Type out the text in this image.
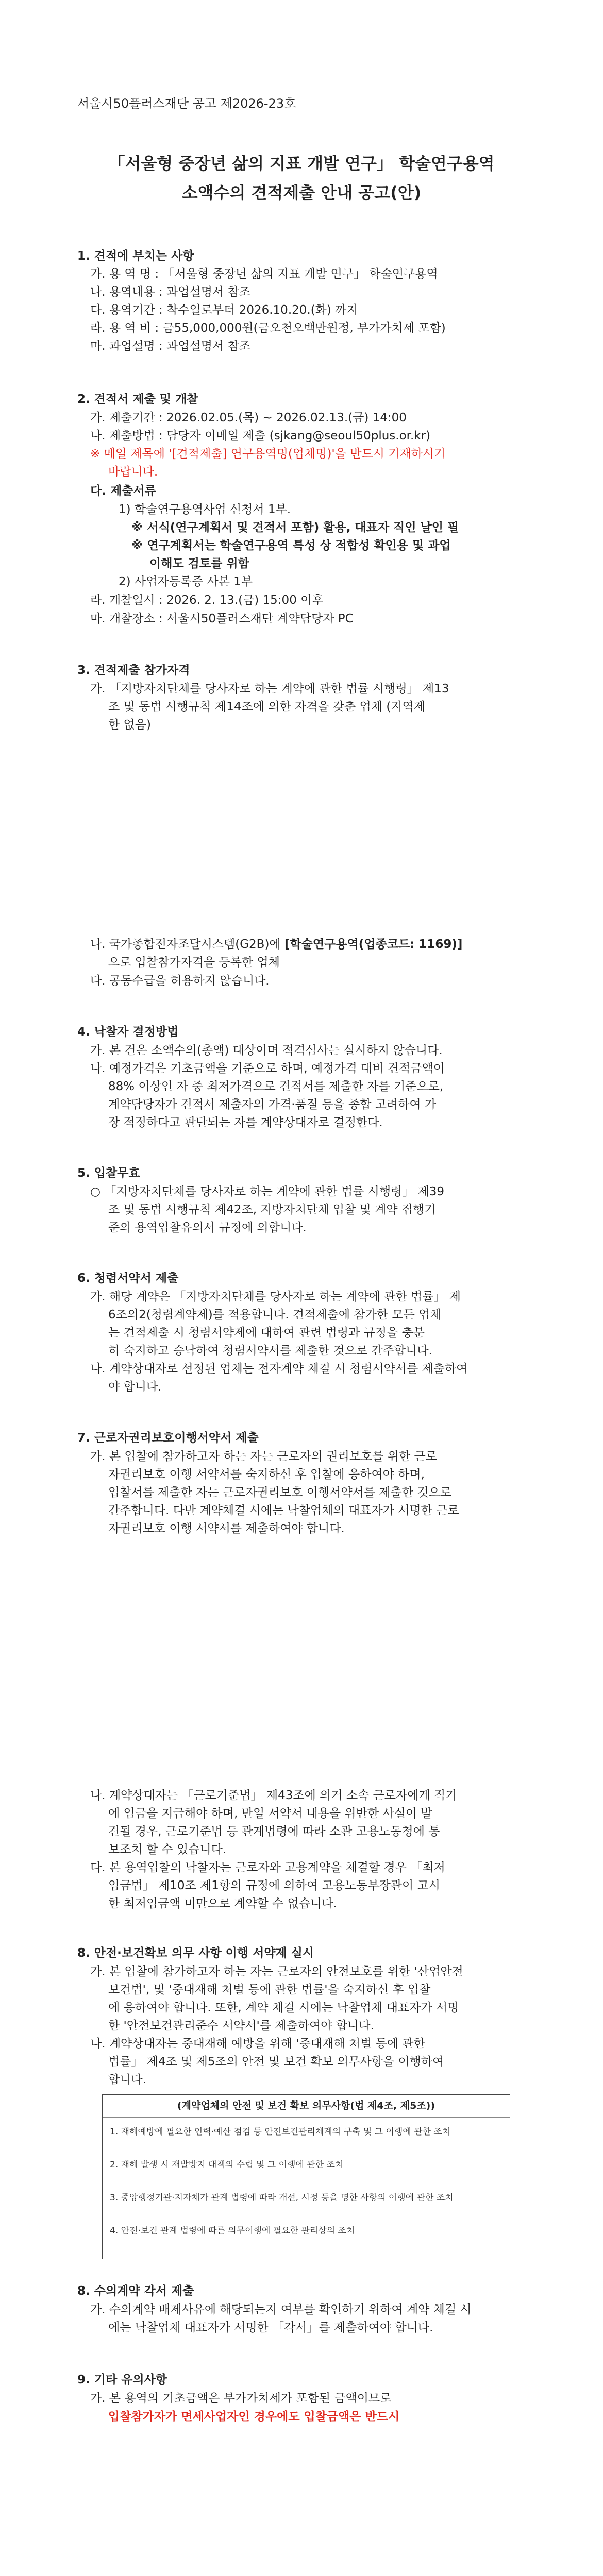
서울시50플러스재단 공고 제2026-23호
「서울형 중장년 삶의 지표 개발 연구」 학술연구용역
소액수의 견적제출 안내 공고(안)
1. 견적에 부치는 사항
가. 용 역 명 : 「서울형 중장년 삶의 지표 개발 연구」 학술연구용역
나. 용역내용 : 과업설명서 참조
다. 용역기간 : 착수일로부터 2026.10.20.(화) 까지
라. 용 역 비 : 금55,000,000원(금오천오백만원정, 부가가치세 포함)
마. 과업설명 : 과업설명서 참조
2. 견적서 제출 및 개찰
가. 제출기간 : 2026.02.05.(목) ~ 2026.02.13.(금) 14:00
나. 제출방법 : 담당자 이메일 제출 (sjkang@seoul50plus.or.kr)
※ 메일 제목에 '[견적제출] 연구용역명(업체명)'을 반드시 기재하시기
바랍니다.
다. 제출서류
1) 학술연구용역사업 신청서 1부.
※ 서식(연구계획서 및 견적서 포함) 활용, 대표자 직인 날인 필
※ 연구계획서는 학술연구용역 특성 상 적합성 확인용 및 과업
이해도 검토를 위함
2) 사업자등록증 사본 1부
라. 개찰일시 : 2026. 2. 13.(금) 15:00 이후
마. 개찰장소 : 서울시50플러스재단 계약담당자 PC
3. 견적제출 참가자격
가. 「지방자치단체를 당사자로 하는 계약에 관한 법률 시행령」 제13
조 및 동법 시행규칙 제14조에 의한 자격을 갖춘 업체 (지역제
한 없음)
나. 국가종합전자조달시스템(G2B)에 [학술연구용역(업종코드: 1169)]
으로 입찰참가자격을 등록한 업체
다. 공동수급을 허용하지 않습니다.
4. 낙찰자 결정방법
가. 본 건은 소액수의(총액) 대상이며 적격심사는 실시하지 않습니다.
나. 예정가격은 기초금액을 기준으로 하며, 예정가격 대비 견적금액이
88% 이상인 자 중 최저가격으로 견적서를 제출한 자를 기준으로,
계약담당자가 견적서 제출자의 가격·품질 등을 종합 고려하여 가
장 적정하다고 판단되는 자를 계약상대자로 결정한다.
5. 입찰무효
○ 「지방자치단체를 당사자로 하는 계약에 관한 법률 시행령」 제39
조 및 동법 시행규칙 제42조, 지방자치단체 입찰 및 계약 집행기
준의 용역입찰유의서 규정에 의합니다.
6. 청렴서약서 제출
가. 해당 계약은 「지방자치단체를 당사자로 하는 계약에 관한 법률」 제
6조의2(청렴계약제)를 적용합니다. 견적제출에 참가한 모든 업체
는 견적제출 시 청렴서약제에 대하여 관련 법령과 규정을 충분
히 숙지하고 승낙하여 청렴서약서를 제출한 것으로 간주합니다.
나. 계약상대자로 선정된 업체는 전자계약 체결 시 청렴서약서를 제출하여
야 합니다.
7. 근로자권리보호이행서약서 제출
가. 본 입찰에 참가하고자 하는 자는 근로자의 권리보호를 위한 근로
자권리보호 이행 서약서를 숙지하신 후 입찰에 응하여야 하며,
입찰서를 제출한 자는 근로자권리보호 이행서약서를 제출한 것으로
간주합니다. 다만 계약체결 시에는 낙찰업체의 대표자가 서명한 근로
자권리보호 이행 서약서를 제출하여야 합니다.
나. 계약상대자는 「근로기준법」 제43조에 의거 소속 근로자에게 직기
에 임금을 지급해야 하며, 만일 서약서 내용을 위반한 사실이 발
견될 경우, 근로기준법 등 관계법령에 따라 소관 고용노동청에 통
보조치 할 수 있습니다.
다. 본 용역입찰의 낙찰자는 근로자와 고용계약을 체결할 경우 「최저
임금법」 제10조 제1항의 규정에 의하여 고용노동부장관이 고시
한 최저임금액 미만으로 계약할 수 없습니다.
8. 안전·보건확보 의무 사항 이행 서약제 실시
가. 본 입찰에 참가하고자 하는 자는 근로자의 안전보호를 위한 '산업안전
보건법', 및 '중대재해 처벌 등에 관한 법률'을 숙지하신 후 입찰
에 응하여야 합니다. 또한, 계약 체결 시에는 낙찰업체 대표자가 서명
한 '안전보건관리준수 서약서'를 제출하여야 합니다.
나. 계약상대자는 중대재해 예방을 위해 '중대재해 처벌 등에 관한
법률」 제4조 및 제5조의 안전 및 보건 확보 의무사항을 이행하여
합니다.
(계약업체의 안전 및 보건 확보 의무사항(법 제4조, 제5조))
1. 재해예방에 필요한 인력·예산 점검 등 안전보건관리체계의 구축 및 그 이행에 관한 조치
2. 재해 발생 시 재발방지 대책의 수립 및 그 이행에 관한 조치
3. 중앙행정기관·지자체가 관계 법령에 따라 개선, 시정 등을 명한 사항의 이행에 관한 조치
4. 안전·보건 관계 법령에 따른 의무이행에 필요한 관리상의 조치
8. 수의계약 각서 제출
가. 수의계약 배제사유에 해당되는지 여부를 확인하기 위하여 계약 체결 시
에는 낙찰업체 대표자가 서명한 「각서」를 제출하여야 합니다.
9. 기타 유의사항
가. 본 용역의 기초금액은 부가가치세가 포함된 금액이므로
입찰참가자가 면세사업자인 경우에도 입찰금액은 반드시
